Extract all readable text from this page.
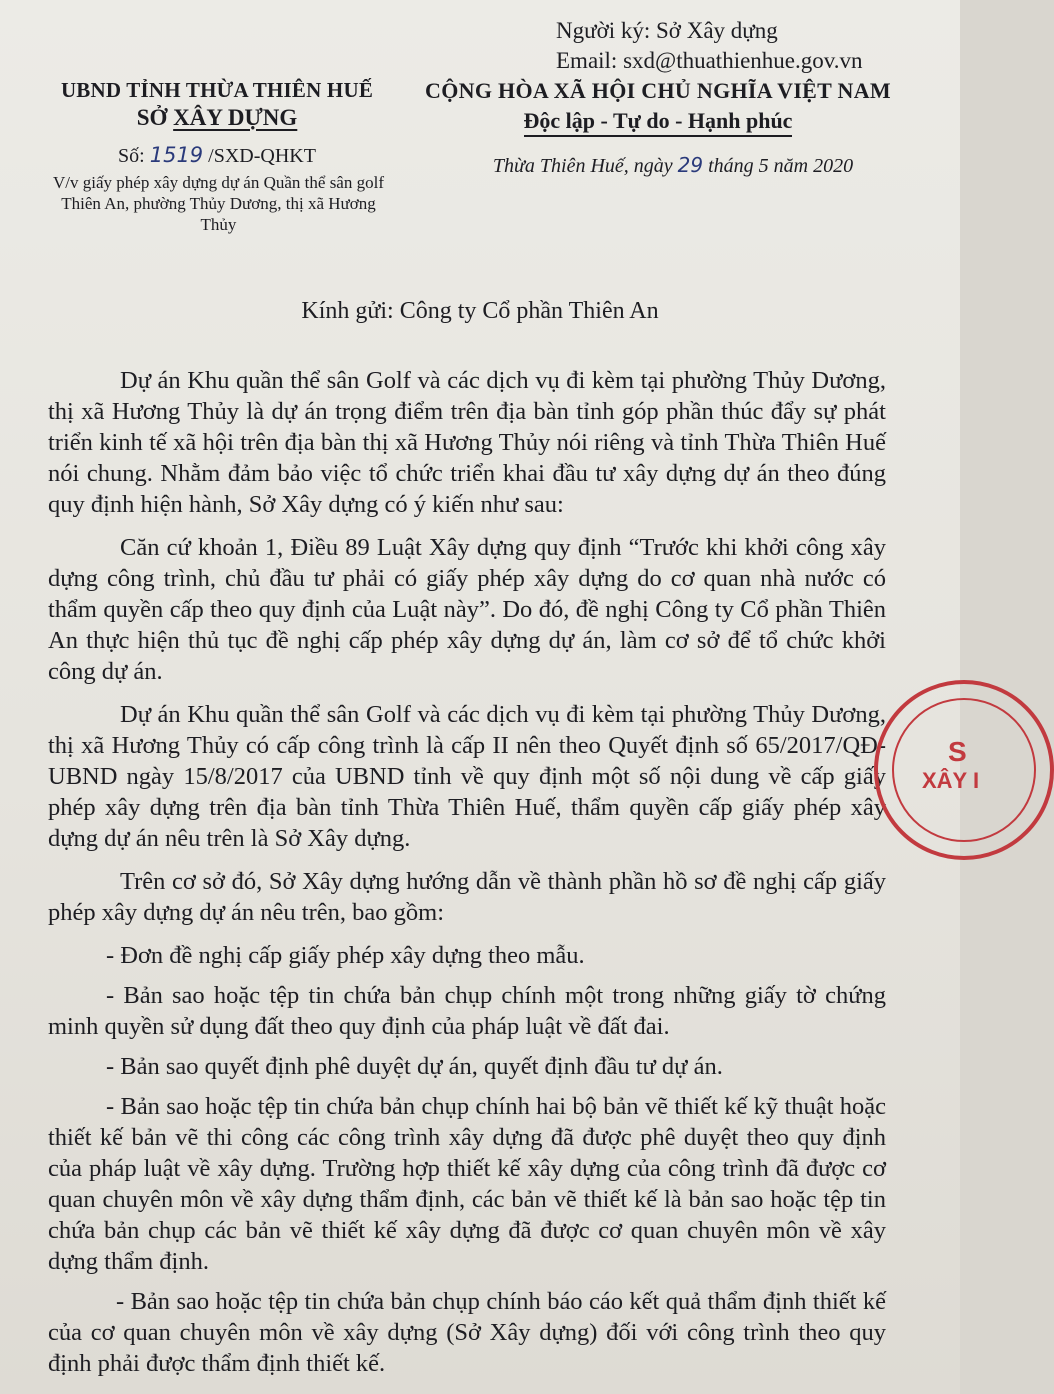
Người ký: Sở Xây dựng
Email: sxd@thuathienhue.gov.vn
UBND TỈNH THỪA THIÊN HUẾ
SỞ XÂY DỰNG
Số: 1519 /SXD-QHKT
V/v giấy phép xây dựng dự án Quần thể sân golf Thiên An, phường Thủy Dương, thị xã Hương Thủy
CỘNG HÒA XÃ HỘI CHỦ NGHĨA VIỆT NAM
Độc lập - Tự do - Hạnh phúc
Thừa Thiên Huế, ngày 29 tháng 5 năm 2020
Kính gửi: Công ty Cổ phần Thiên An

Dự án Khu quần thể sân Golf và các dịch vụ đi kèm tại phường Thủy Dương, thị xã Hương Thủy là dự án trọng điểm trên địa bàn tỉnh góp phần thúc đẩy sự phát triển kinh tế xã hội trên địa bàn thị xã Hương Thủy nói riêng và tỉnh Thừa Thiên Huế nói chung. Nhằm đảm bảo việc tổ chức triển khai đầu tư xây dựng dự án theo đúng quy định hiện hành, Sở Xây dựng có ý kiến như sau:

Căn cứ khoản 1, Điều 89 Luật Xây dựng quy định “Trước khi khởi công xây dựng công trình, chủ đầu tư phải có giấy phép xây dựng do cơ quan nhà nước có thẩm quyền cấp theo quy định của Luật này”. Do đó, đề nghị Công ty Cổ phần Thiên An thực hiện thủ tục đề nghị cấp phép xây dựng dự án, làm cơ sở để tổ chức khởi công dự án.

Dự án Khu quần thể sân Golf và các dịch vụ đi kèm tại phường Thủy Dương, thị xã Hương Thủy có cấp công trình là cấp II nên theo Quyết định số 65/2017/QĐ-UBND ngày 15/8/2017 của UBND tỉnh về quy định một số nội dung về cấp giấy phép xây dựng trên địa bàn tỉnh Thừa Thiên Huế, thẩm quyền cấp giấy phép xây dựng dự án nêu trên là Sở Xây dựng.

Trên cơ sở đó, Sở Xây dựng hướng dẫn về thành phần hồ sơ đề nghị cấp giấy phép xây dựng dự án nêu trên, bao gồm:

- Đơn đề nghị cấp giấy phép xây dựng theo mẫu.

- Bản sao hoặc tệp tin chứa bản chụp chính một trong những giấy tờ chứng minh quyền sử dụng đất theo quy định của pháp luật về đất đai.

- Bản sao quyết định phê duyệt dự án, quyết định đầu tư dự án.

- Bản sao hoặc tệp tin chứa bản chụp chính hai bộ bản vẽ thiết kế kỹ thuật hoặc thiết kế bản vẽ thi công các công trình xây dựng đã được phê duyệt theo quy định của pháp luật về xây dựng. Trường hợp thiết kế xây dựng của công trình đã được cơ quan chuyên môn về xây dựng thẩm định, các bản vẽ thiết kế là bản sao hoặc tệp tin chứa bản chụp các bản vẽ thiết kế xây dựng đã được cơ quan chuyên môn về xây dựng thẩm định.

- Bản sao hoặc tệp tin chứa bản chụp chính báo cáo kết quả thẩm định thiết kế của cơ quan chuyên môn về xây dựng (Sở Xây dựng) đối với công trình theo quy định phải được thẩm định thiết kế.

S
XÂY I
